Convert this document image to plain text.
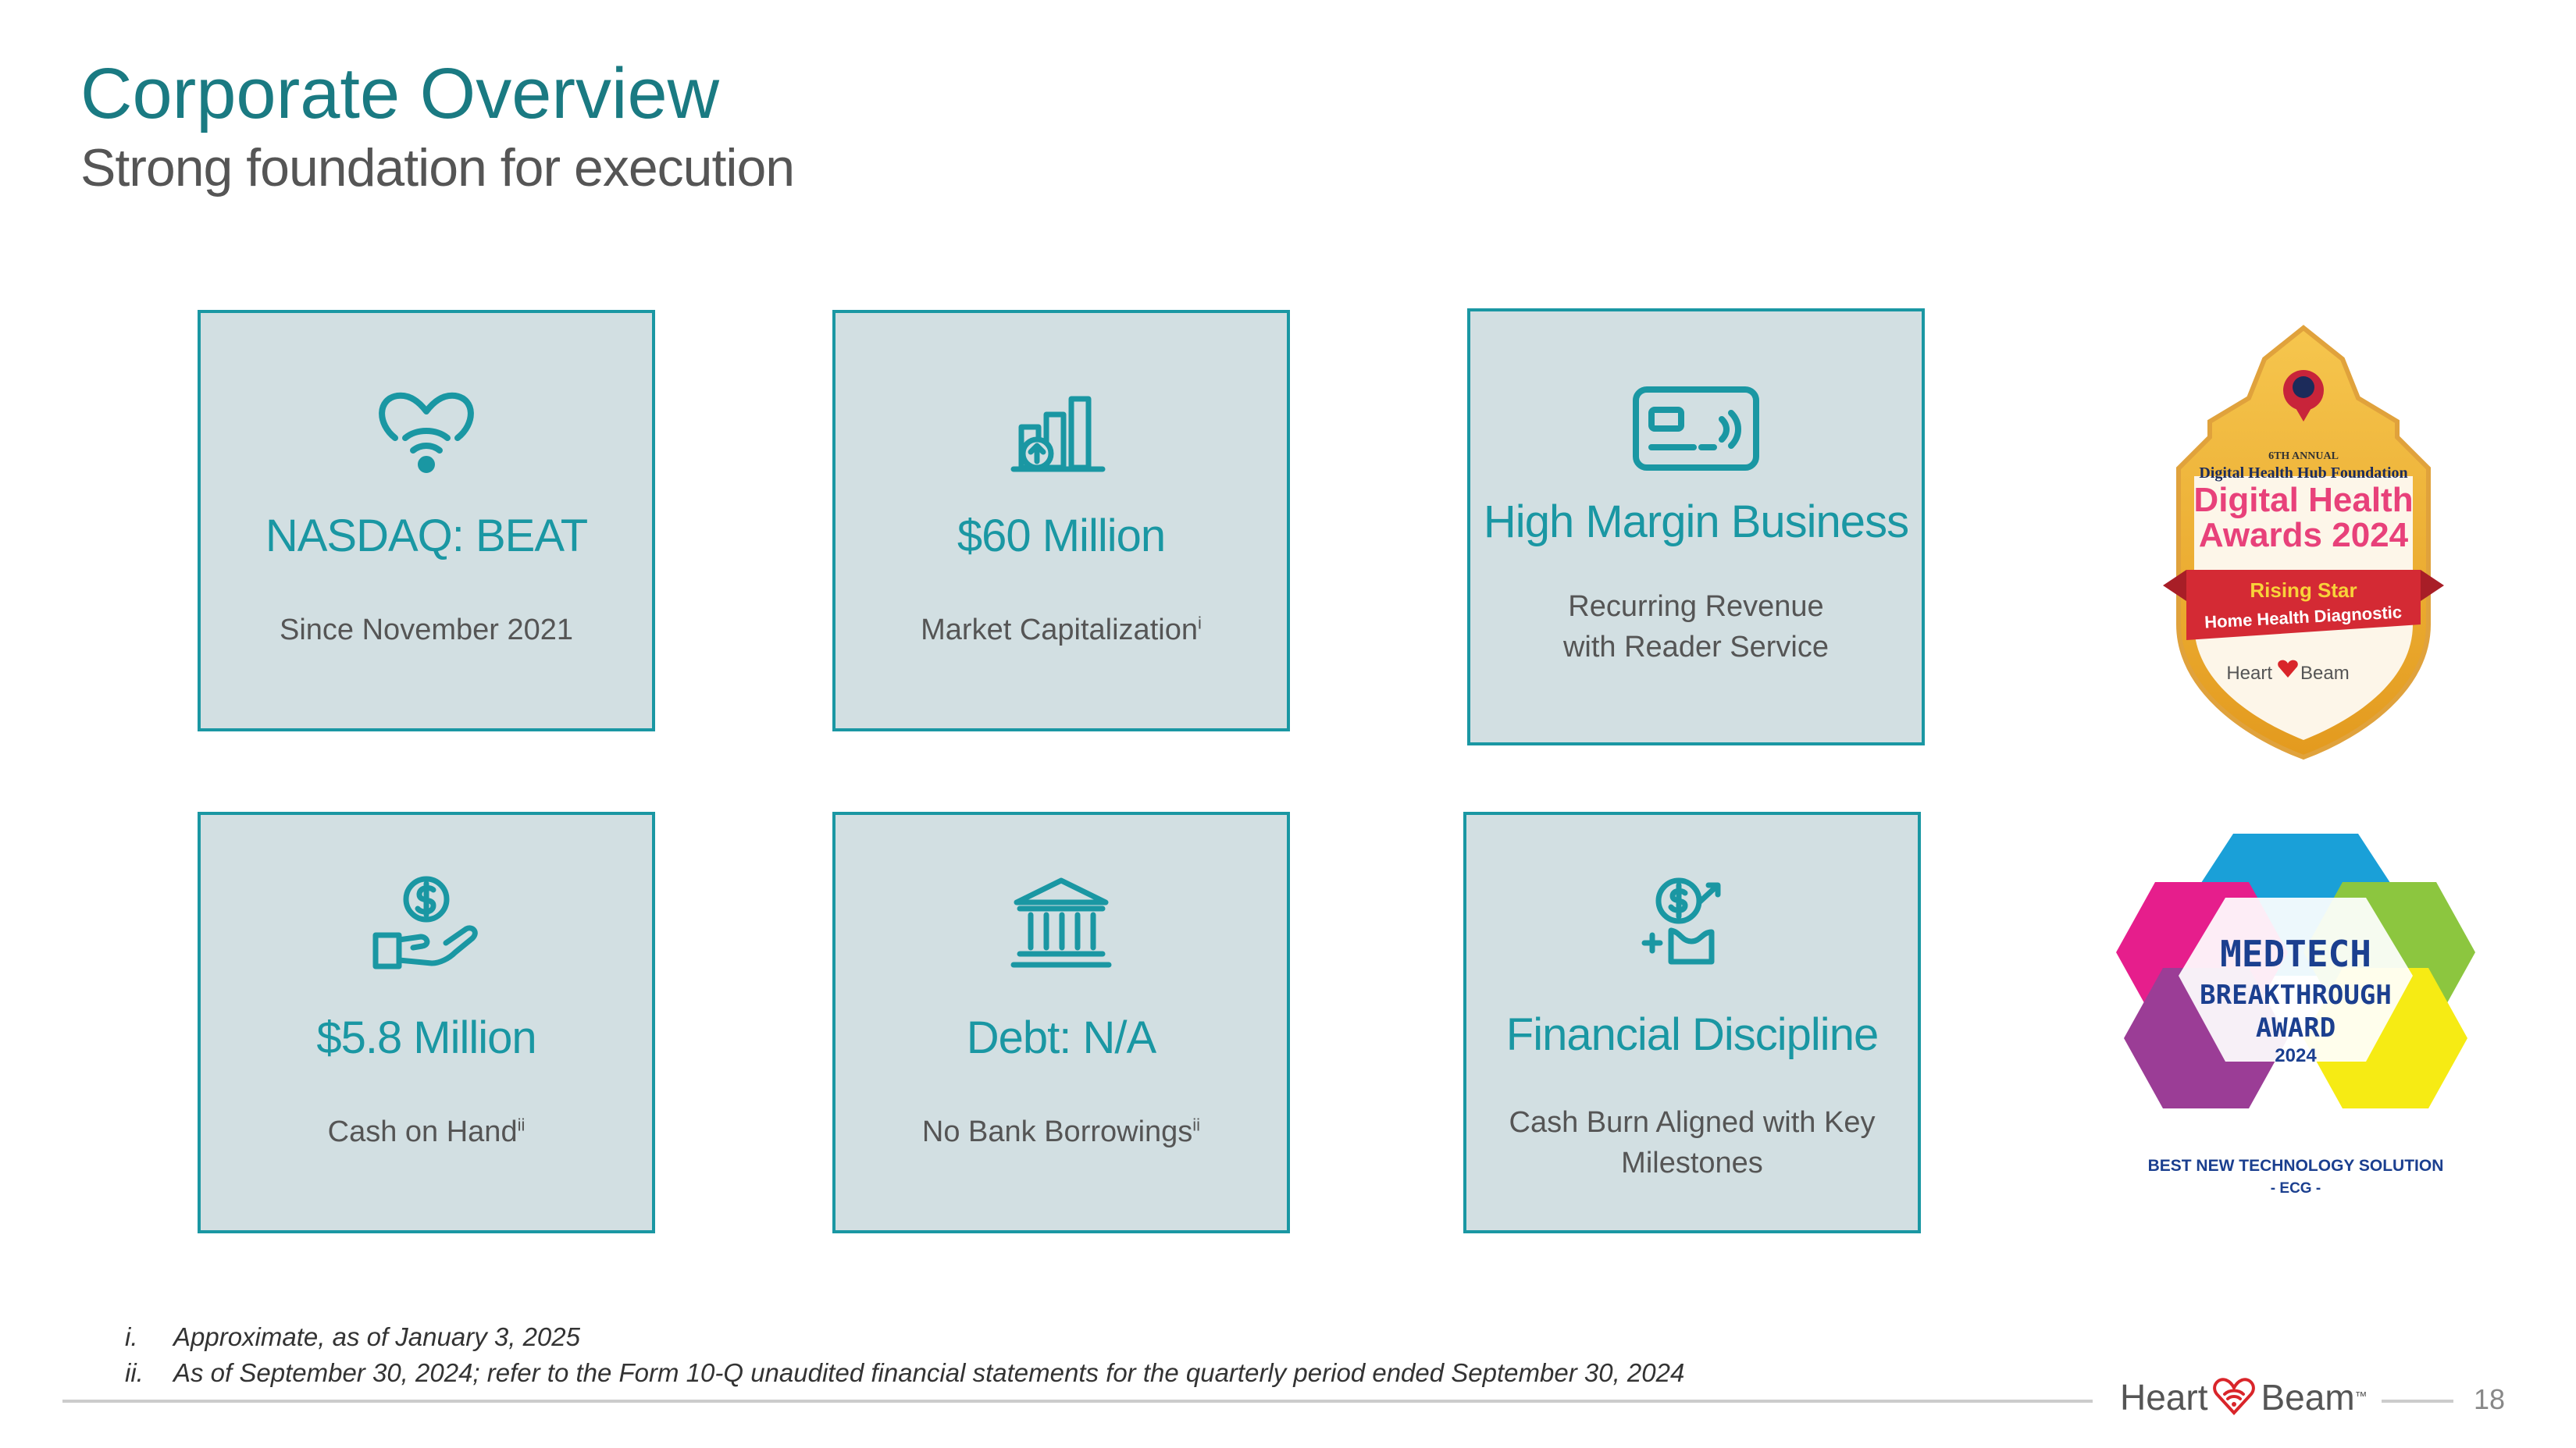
Corporate Overview
Strong foundation for execution
NASDAQ: BEAT
Since November 2021
$60 Million
Market Capitalization$^i$
High Margin Business
Recurring Revenue with Reader Service
$5.8 Million
Cash on Hand$^{ii}$
Debt: N/A
No Bank Borrowings$^{ii}$
Financial Discipline
Cash Burn Aligned with Key Milestones
6TH ANNUAL
Digital Health Hub Foundation
Digital Health
Awards 2024
Rising Star
Home Health Diagnostic
Heart Beam
MEDTECH
BREAKTHROUGH
AWARD
2024
BEST NEW TECHNOLOGY SOLUTION
- ECG -
i.	Approximate, as of January 3, 2025
ii.	As of September 30, 2024; refer to the Form 10-Q unaudited financial statements for the quarterly period ended September 30, 2024
Heart Beam ™	18
